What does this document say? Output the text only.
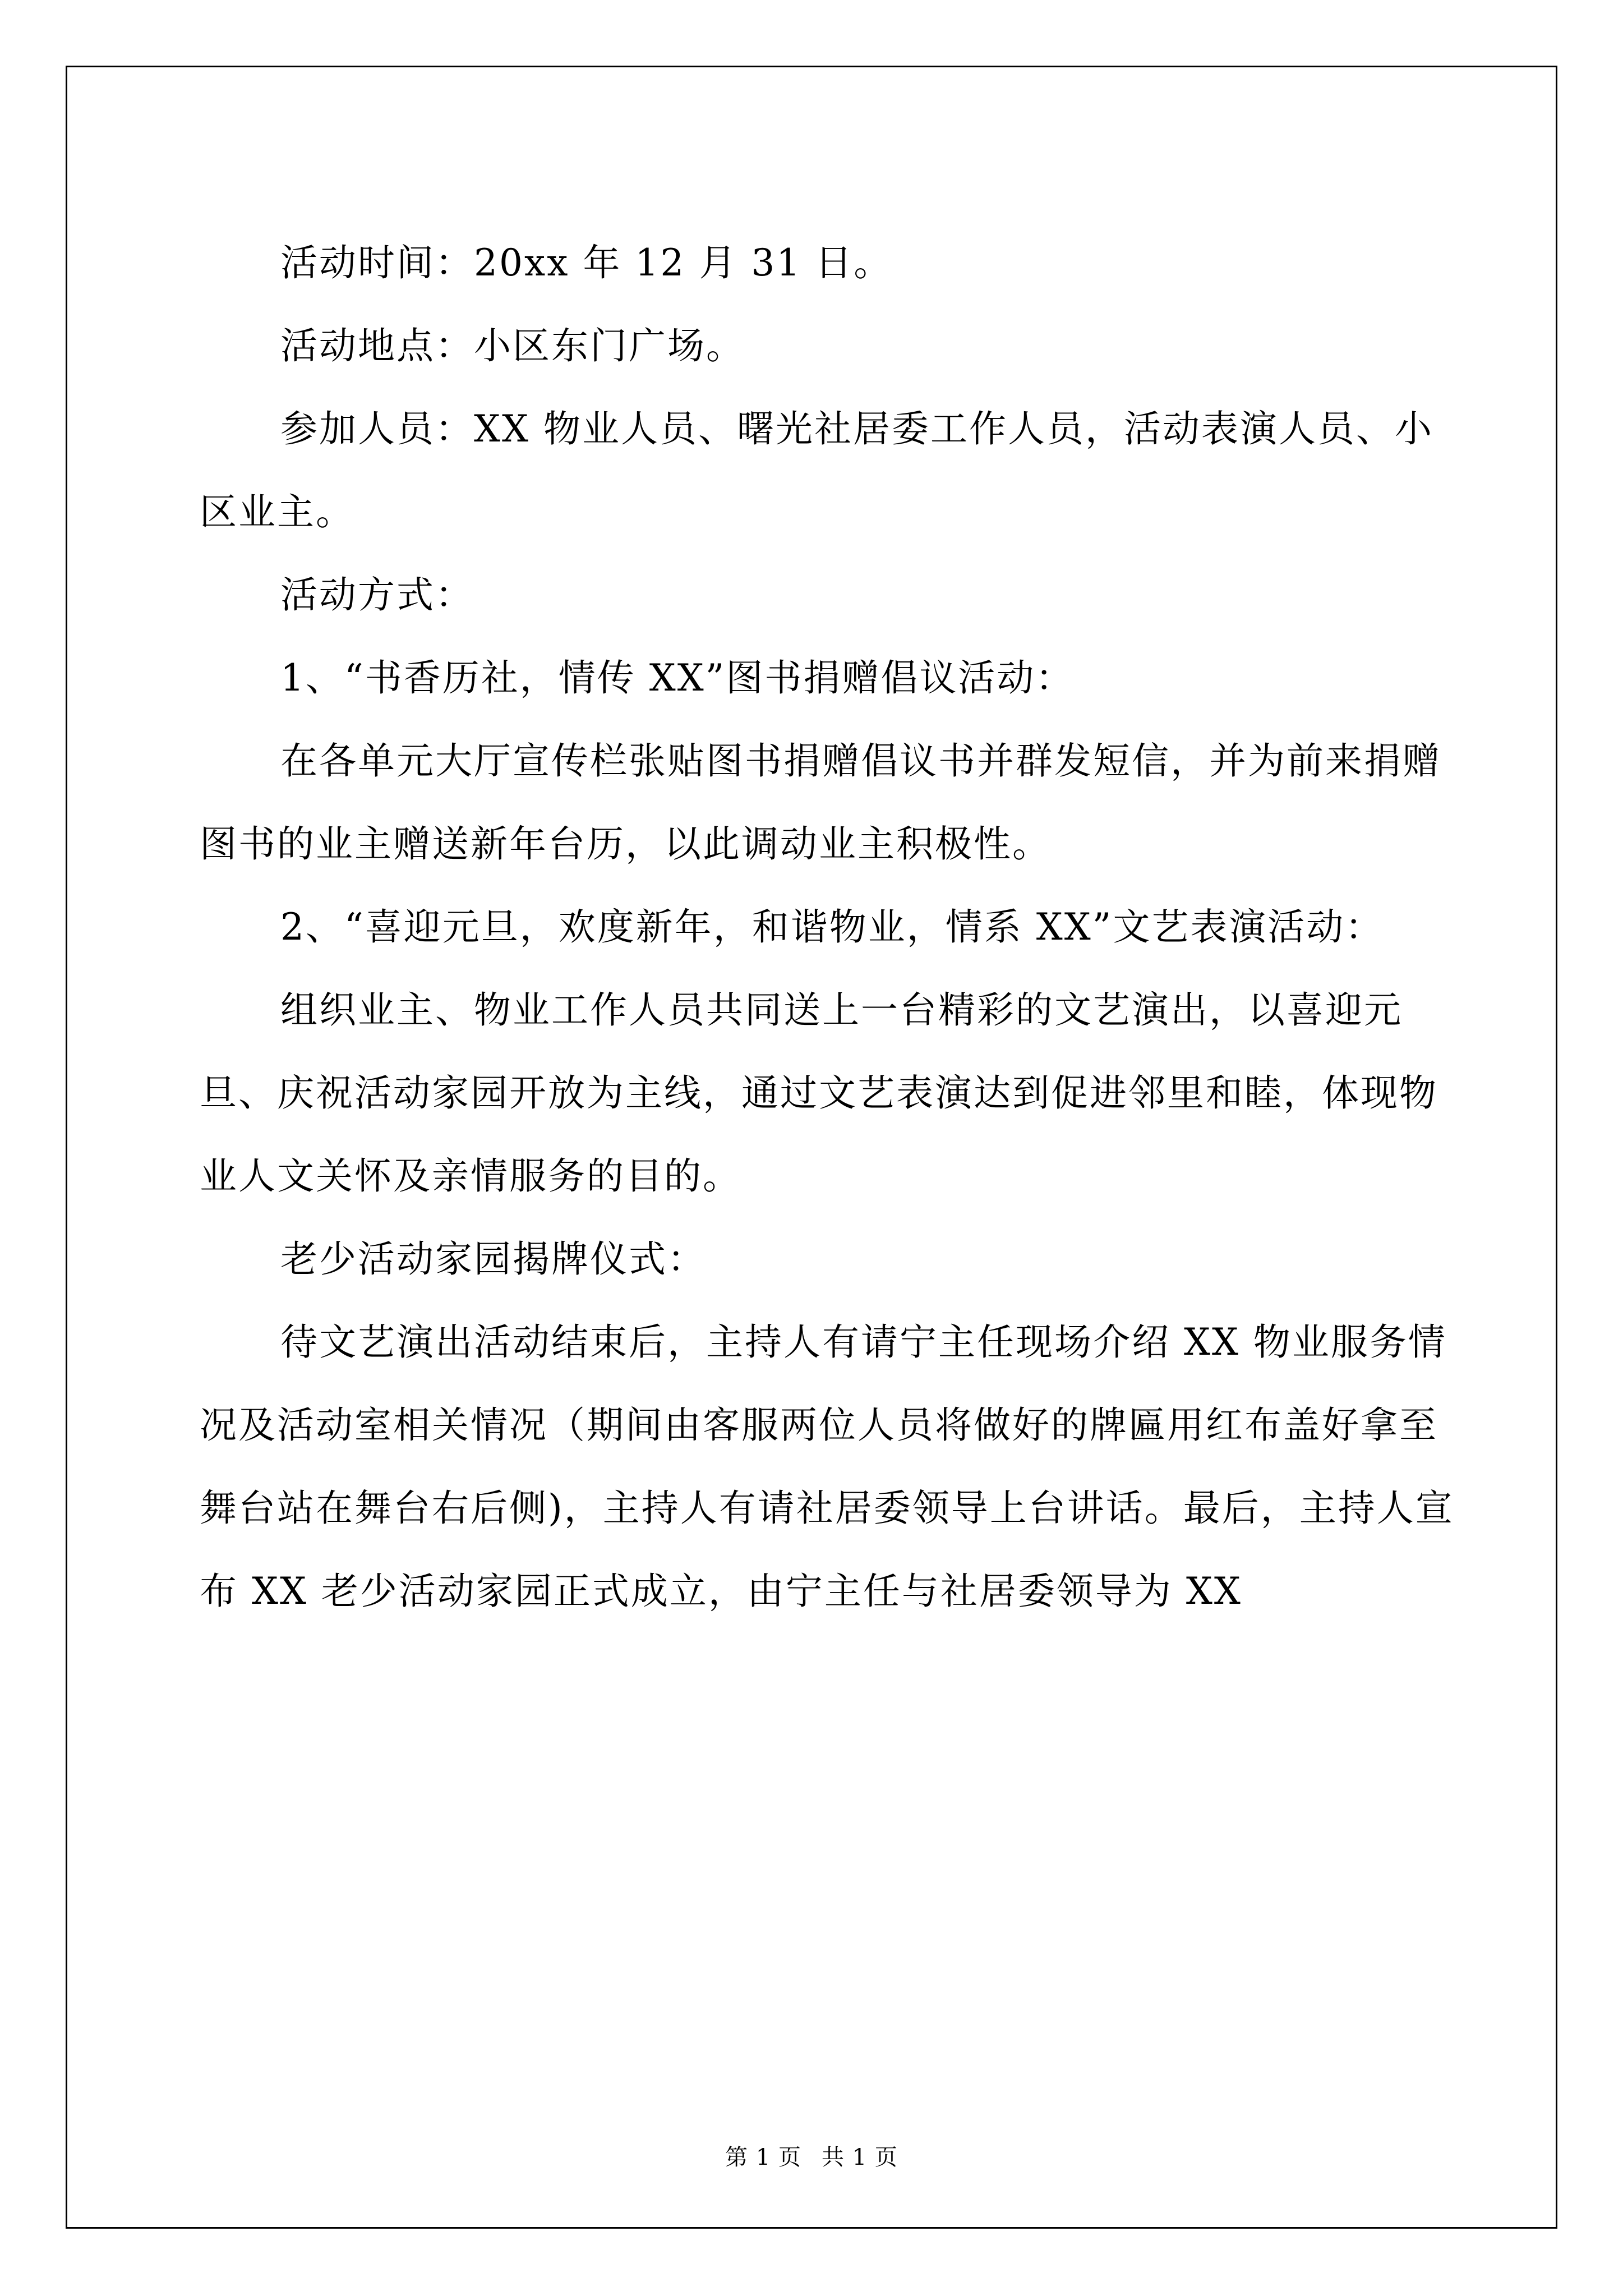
活动时间：20xx 年 12 月 31 日。

活动地点：小区东门广场。

参加人员：XX 物业人员、曙光社居委工作人员，活动表演人员、小区业主。

活动方式：

1、“书香历社，情传 XX”图书捐赠倡议活动：

在各单元大厅宣传栏张贴图书捐赠倡议书并群发短信，并为前来捐赠图书的业主赠送新年台历，以此调动业主积极性。

2、“喜迎元旦，欢度新年，和谐物业，情系 XX”文艺表演活动：

组织业主、物业工作人员共同送上一台精彩的文艺演出，以喜迎元旦、庆祝活动家园开放为主线，通过文艺表演达到促进邻里和睦，体现物业人文关怀及亲情服务的目的。

老少活动家园揭牌仪式：

待文艺演出活动结束后，主持人有请宁主任现场介绍 XX 物业服务情况及活动室相关情况（期间由客服两位人员将做好的牌匾用红布盖好拿至舞台站在舞台右后侧)，主持人有请社居委领导上台讲话。最后，主持人宣布 XX 老少活动家园正式成立，由宁主任与社居委领导为 XX

第 1 页 共 1 页
